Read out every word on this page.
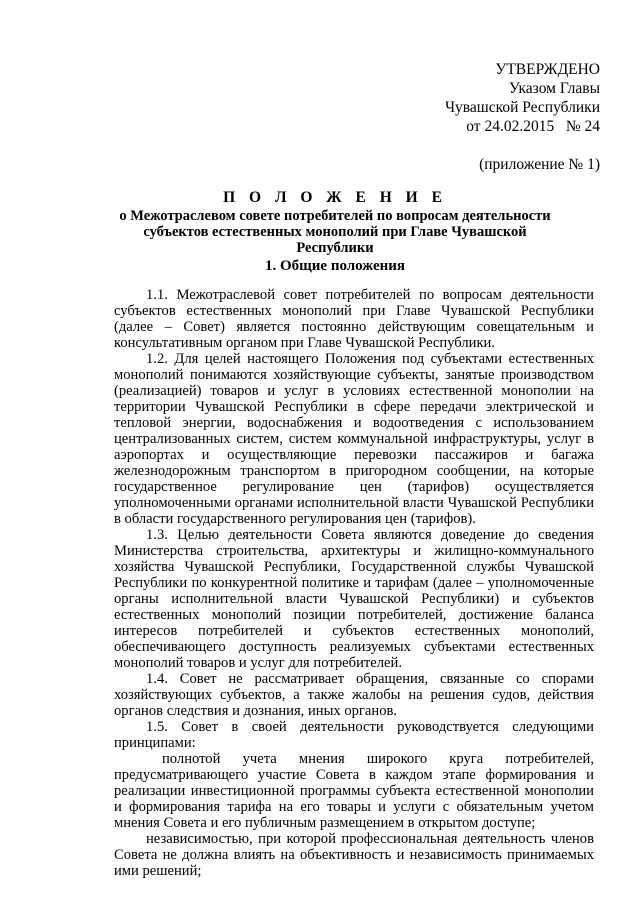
УТВЕРЖДЕНО
Указом Главы
Чувашской Республики
от 24.02.2015   № 24
(приложение № 1)
П О Л О Ж Е Н И Е
о Межотраслевом совете потребителей по вопросам деятельности
субъектов естественных монополий при Главе Чувашской Республики
1. Общие положения

1.1. Межотраслевой совет потребителей по вопросам деятельности субъектов естественных монополий при Главе Чувашской Республики (далее – Совет) является постоянно действующим совещательным и консультативным органом при Главе Чувашской Республики.

1.2. Для целей настоящего Положения под субъектами естественных монополий понимаются хозяйствующие субъекты, занятые производством (реализацией) товаров и услуг в условиях естественной монополии на территории Чувашской Республики в сфере передачи электрической и тепловой энергии, водоснабжения и водоотведения с использованием централизованных систем, систем коммунальной инфраструктуры, услуг в аэропортах и осуществляющие перевозки пассажиров и багажа железнодорожным транспортом в пригородном сообщении, на которые государственное регулирование цен (тарифов) осуществляется уполномоченными органами исполнительной власти Чувашской Республики в области государственного регулирования цен (тарифов).

1.3. Целью деятельности Совета являются доведение до сведения Министерства строительства, архитектуры и жилищно-коммунального хозяйства Чувашской Республики, Государственной службы Чувашской Республики по конкурентной политике и тарифам (далее – уполномоченные органы исполнительной власти Чувашской Республики) и субъектов естественных монополий позиции потребителей, достижение баланса интересов потребителей и субъектов естественных монополий, обеспечивающего доступность реализуемых субъектами естественных монополий товаров и услуг для потребителей.

1.4. Совет не рассматривает обращения, связанные со спорами хозяйствующих субъектов, а также жалобы на решения судов, действия органов следствия и дознания, иных органов.

1.5. Совет в своей деятельности руководствуется следующими принципами:

полнотой учета мнения широкого круга потребителей, предусматривающего участие Совета в каждом этапе формирования и реализации инвестиционной программы субъекта естественной монополии и формирования тарифа на его товары и услуги с обязательным учетом мнения Совета и его публичным размещением в открытом доступе;

независимостью, при которой профессиональная деятельность членов Совета не должна влиять на объективность и независимость принимаемых ими решений;
